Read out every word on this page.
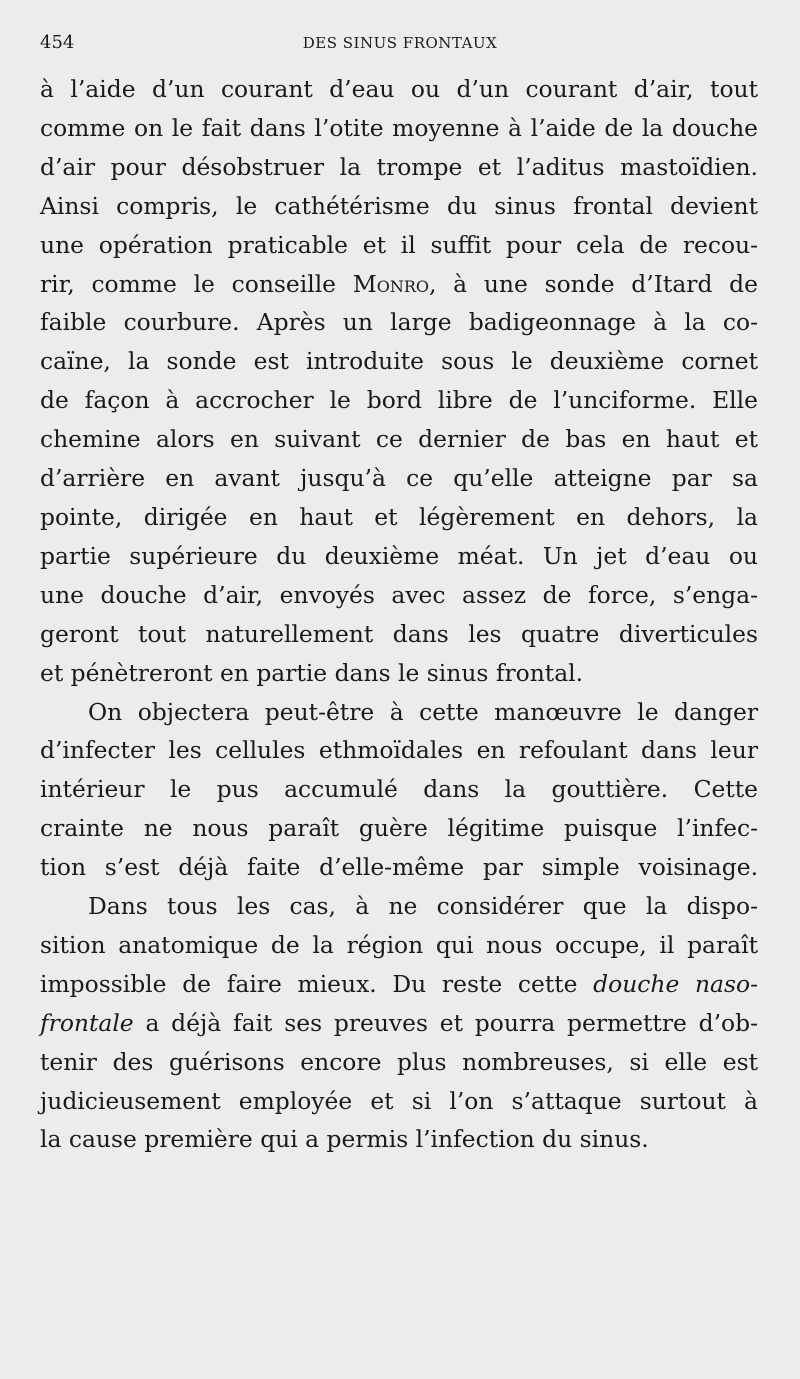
454	DES SINUS FRONTAUX
à l’aide d’un courant d’eau ou d’un courant d’air, tout
comme on le fait dans l’otite moyenne à l’aide de la douche
d’air pour désobstruer la trompe et l’aditus mastoïdien.
Ainsi compris, le cathétérisme du sinus frontal devient
une opération praticable et il suffit pour cela de recou-
rir, comme le conseille Monro, à une sonde d’Itard de
faible courbure. Après un large badigeonnage à la co-
caïne, la sonde est introduite sous le deuxième cornet
de façon à accrocher le bord libre de l’unciforme. Elle
chemine alors en suivant ce dernier de bas en haut et
d’arrière en avant jusqu’à ce qu’elle atteigne par sa
pointe, dirigée en haut et légèrement en dehors, la
partie supérieure du deuxième méat. Un jet d’eau ou
une douche d’air, envoyés avec assez de force, s’enga-
geront tout naturellement dans les quatre diverticules
et pénètreront en partie dans le sinus frontal.
On objectera peut-être à cette manœuvre le danger
d’infecter les cellules ethmoïdales en refoulant dans leur
intérieur le pus accumulé dans la gouttière. Cette
crainte ne nous paraît guère légitime puisque l’infec-
tion s’est déjà faite d’elle-même par simple voisinage.
Dans tous les cas, à ne considérer que la dispo-
sition anatomique de la région qui nous occupe, il paraît
impossible de faire mieux. Du reste cette douche naso-
frontale a déjà fait ses preuves et pourra permettre d’ob-
tenir des guérisons encore plus nombreuses, si elle est
judicieusement employée et si l’on s’attaque surtout à
la cause première qui a permis l’infection du sinus.
